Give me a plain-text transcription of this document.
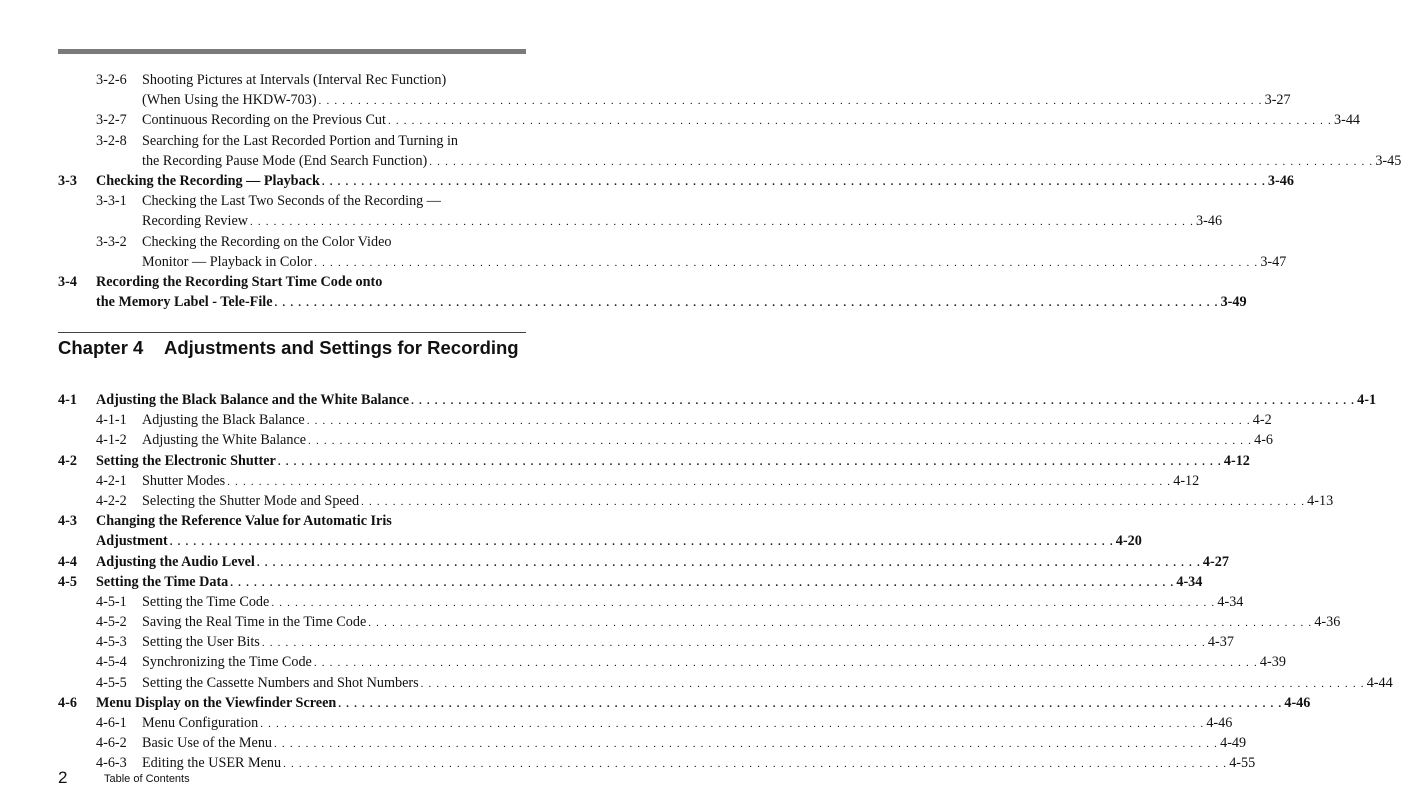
3-2-6	Shooting Pictures at Intervals (Interval Rec Function)
(When Using the HKDW-703) . . . . . . . . . . . . . . . . . . . . . . . . . . . . . . . . . . . . . . . . . . . . . . . . . . . . . . . . . . . . . . . . . . . . . . . . . . . . . . . . . . . . . . . . . . . . . . . . . . . . . . . . . . . . . . . . . . . . . . . . 3-27
3-2-7	Continuous Recording on the Previous Cut . . . . . . . . . . . . . . . . . . . . . . . . . . . . . . . . . . . . . . . . . . . . . . . . . . . . . . . . . . . . . . . . . . . . . . . . . . . . . . . . . . . . . . . . . . . . . . . . . . . . . . . . . . . . . . . . . . . . . . . . 3-44
3-2-8	Searching for the Last Recorded Portion and Turning in
the Recording Pause Mode (End Search Function) . . . . . . . . . . . . . . . . . . . . . . . . . . . . . . . . . . . . . . . . . . . . . . . . . . . . . . . . . . . . . . . . . . . . . . . . . . . . . . . . . . . . . . . . . . . . . . . . . . . . . . . . . . . . . . . . . . . . . . . . 3-45
3-3	Checking the Recording — Playback . . . . . . . . . . . . . . . . . . . . . . . . . . . . . . . . . . . . . . . . . . . . . . . . . . . . . . . . . . . . . . . . . . . . . . . . . . . . . . . . . . . . . . . . . . . . . . . . . . . . . . . . . . . . . . . . . . . . . . . . 3-46
3-3-1	Checking the Last Two Seconds of the Recording —
Recording Review . . . . . . . . . . . . . . . . . . . . . . . . . . . . . . . . . . . . . . . . . . . . . . . . . . . . . . . . . . . . . . . . . . . . . . . . . . . . . . . . . . . . . . . . . . . . . . . . . . . . . . . . . . . . . . . . . . . . . . . . 3-46
3-3-2	Checking the Recording on the Color Video
Monitor — Playback in Color . . . . . . . . . . . . . . . . . . . . . . . . . . . . . . . . . . . . . . . . . . . . . . . . . . . . . . . . . . . . . . . . . . . . . . . . . . . . . . . . . . . . . . . . . . . . . . . . . . . . . . . . . . . . . . . . . . . . . . . . 3-47
3-4	Recording the Recording Start Time Code onto
the Memory Label - Tele-File . . . . . . . . . . . . . . . . . . . . . . . . . . . . . . . . . . . . . . . . . . . . . . . . . . . . . . . . . . . . . . . . . . . . . . . . . . . . . . . . . . . . . . . . . . . . . . . . . . . . . . . . . . . . . . . . . . . . . . . . 3-49
Chapter 4 Adjustments and Settings for Recording
4-1	Adjusting the Black Balance and the White Balance . . . . . . . . . . . . . . . . . . . . . . . . . . . . . . . . . . . . . . . . . . . . . . . . . . . . . . . . . . . . . . . . . . . . . . . . . . . . . . . . . . . . . . . . . . . . . . . . . . . . . . . . . . . . . . . . . . . . . . . . 4-1
4-1-1	Adjusting the Black Balance . . . . . . . . . . . . . . . . . . . . . . . . . . . . . . . . . . . . . . . . . . . . . . . . . . . . . . . . . . . . . . . . . . . . . . . . . . . . . . . . . . . . . . . . . . . . . . . . . . . . . . . . . . . . . . . . . . . . . . . . 4-2
4-1-2	Adjusting the White Balance . . . . . . . . . . . . . . . . . . . . . . . . . . . . . . . . . . . . . . . . . . . . . . . . . . . . . . . . . . . . . . . . . . . . . . . . . . . . . . . . . . . . . . . . . . . . . . . . . . . . . . . . . . . . . . . . . . . . . . . . 4-6
4-2	Setting the Electronic Shutter . . . . . . . . . . . . . . . . . . . . . . . . . . . . . . . . . . . . . . . . . . . . . . . . . . . . . . . . . . . . . . . . . . . . . . . . . . . . . . . . . . . . . . . . . . . . . . . . . . . . . . . . . . . . . . . . . . . . . . . . 4-12
4-2-1	Shutter Modes . . . . . . . . . . . . . . . . . . . . . . . . . . . . . . . . . . . . . . . . . . . . . . . . . . . . . . . . . . . . . . . . . . . . . . . . . . . . . . . . . . . . . . . . . . . . . . . . . . . . . . . . . . . . . . . . . . . . . . . . 4-12
4-2-2	Selecting the Shutter Mode and Speed . . . . . . . . . . . . . . . . . . . . . . . . . . . . . . . . . . . . . . . . . . . . . . . . . . . . . . . . . . . . . . . . . . . . . . . . . . . . . . . . . . . . . . . . . . . . . . . . . . . . . . . . . . . . . . . . . . . . . . . . 4-13
4-3	Changing the Reference Value for Automatic Iris
Adjustment . . . . . . . . . . . . . . . . . . . . . . . . . . . . . . . . . . . . . . . . . . . . . . . . . . . . . . . . . . . . . . . . . . . . . . . . . . . . . . . . . . . . . . . . . . . . . . . . . . . . . . . . . . . . . . . . . . . . . . . . 4-20
4-4	Adjusting the Audio Level . . . . . . . . . . . . . . . . . . . . . . . . . . . . . . . . . . . . . . . . . . . . . . . . . . . . . . . . . . . . . . . . . . . . . . . . . . . . . . . . . . . . . . . . . . . . . . . . . . . . . . . . . . . . . . . . . . . . . . . . 4-27
4-5	Setting the Time Data . . . . . . . . . . . . . . . . . . . . . . . . . . . . . . . . . . . . . . . . . . . . . . . . . . . . . . . . . . . . . . . . . . . . . . . . . . . . . . . . . . . . . . . . . . . . . . . . . . . . . . . . . . . . . . . . . . . . . . . . 4-34
4-5-1	Setting the Time Code . . . . . . . . . . . . . . . . . . . . . . . . . . . . . . . . . . . . . . . . . . . . . . . . . . . . . . . . . . . . . . . . . . . . . . . . . . . . . . . . . . . . . . . . . . . . . . . . . . . . . . . . . . . . . . . . . . . . . . . . 4-34
4-5-2	Saving the Real Time in the Time Code . . . . . . . . . . . . . . . . . . . . . . . . . . . . . . . . . . . . . . . . . . . . . . . . . . . . . . . . . . . . . . . . . . . . . . . . . . . . . . . . . . . . . . . . . . . . . . . . . . . . . . . . . . . . . . . . . . . . . . . . 4-36
4-5-3	Setting the User Bits . . . . . . . . . . . . . . . . . . . . . . . . . . . . . . . . . . . . . . . . . . . . . . . . . . . . . . . . . . . . . . . . . . . . . . . . . . . . . . . . . . . . . . . . . . . . . . . . . . . . . . . . . . . . . . . . . . . . . . . . 4-37
4-5-4	Synchronizing the Time Code . . . . . . . . . . . . . . . . . . . . . . . . . . . . . . . . . . . . . . . . . . . . . . . . . . . . . . . . . . . . . . . . . . . . . . . . . . . . . . . . . . . . . . . . . . . . . . . . . . . . . . . . . . . . . . . . . . . . . . . . 4-39
4-5-5	Setting the Cassette Numbers and Shot Numbers . . . . . . . . . . . . . . . . . . . . . . . . . . . . . . . . . . . . . . . . . . . . . . . . . . . . . . . . . . . . . . . . . . . . . . . . . . . . . . . . . . . . . . . . . . . . . . . . . . . . . . . . . . . . . . . . . . . . . . . . 4-44
4-6	Menu Display on the Viewfinder Screen . . . . . . . . . . . . . . . . . . . . . . . . . . . . . . . . . . . . . . . . . . . . . . . . . . . . . . . . . . . . . . . . . . . . . . . . . . . . . . . . . . . . . . . . . . . . . . . . . . . . . . . . . . . . . . . . . . . . . . . . 4-46
4-6-1	Menu Configuration . . . . . . . . . . . . . . . . . . . . . . . . . . . . . . . . . . . . . . . . . . . . . . . . . . . . . . . . . . . . . . . . . . . . . . . . . . . . . . . . . . . . . . . . . . . . . . . . . . . . . . . . . . . . . . . . . . . . . . . . 4-46
4-6-2	Basic Use of the Menu . . . . . . . . . . . . . . . . . . . . . . . . . . . . . . . . . . . . . . . . . . . . . . . . . . . . . . . . . . . . . . . . . . . . . . . . . . . . . . . . . . . . . . . . . . . . . . . . . . . . . . . . . . . . . . . . . . . . . . . . 4-49
4-6-3	Editing the USER Menu . . . . . . . . . . . . . . . . . . . . . . . . . . . . . . . . . . . . . . . . . . . . . . . . . . . . . . . . . . . . . . . . . . . . . . . . . . . . . . . . . . . . . . . . . . . . . . . . . . . . . . . . . . . . . . . . . . . . . . . . 4-55
2	Table of Contents
